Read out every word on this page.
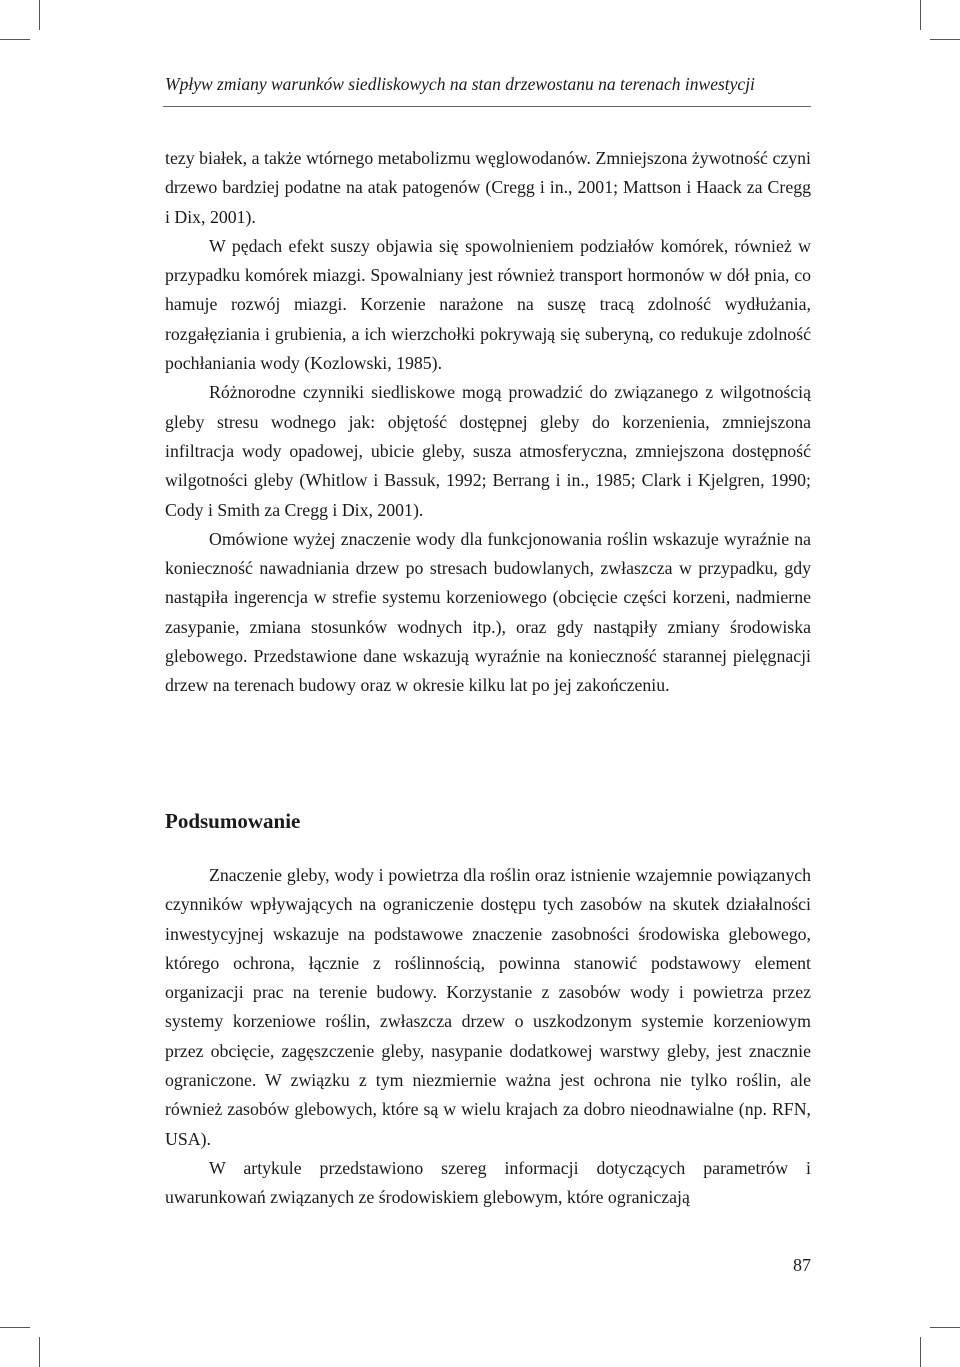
Wpływ zmiany warunków siedliskowych na stan drzewostanu na terenach inwestycji

tezy białek, a także wtórnego metabolizmu węglowodanów. Zmniejszona żywotność czyni drzewo bardziej podatne na atak patogenów (Cregg i in., 2001; Mattson i Haack za Cregg i Dix, 2001).

W pędach efekt suszy objawia się spowolnieniem podziałów komórek, również w przypadku komórek miazgi. Spowalniany jest również transport hormonów w dół pnia, co hamuje rozwój miazgi. Korzenie narażone na suszę tracą zdolność wydłużania, rozgałęziania i grubienia, a ich wierzchołki pokrywają się suberyną, co redukuje zdolność pochłaniania wody (Kozlowski, 1985).

Różnorodne czynniki siedliskowe mogą prowadzić do związanego z wilgotnością gleby stresu wodnego jak: objętość dostępnej gleby do korzenienia, zmniejszona infiltracja wody opadowej, ubicie gleby, susza atmosferyczna, zmniejszona dostępność wilgotności gleby (Whitlow i Bassuk, 1992; Berrang i in., 1985; Clark i Kjelgren, 1990; Cody i Smith za Cregg i Dix, 2001).

Omówione wyżej znaczenie wody dla funkcjonowania roślin wskazuje wyraźnie na konieczność nawadniania drzew po stresach budowlanych, zwłaszcza w przypadku, gdy nastąpiła ingerencja w strefie systemu korzeniowego (obcięcie części korzeni, nadmierne zasypanie, zmiana stosunków wodnych itp.), oraz gdy nastąpiły zmiany środowiska glebowego. Przedstawione dane wskazują wyraźnie na konieczność starannej pielęgnacji drzew na terenach budowy oraz w okresie kilku lat po jej zakończeniu.

Podsumowanie

Znaczenie gleby, wody i powietrza dla roślin oraz istnienie wzajemnie powiązanych czynników wpływających na ograniczenie dostępu tych zasobów na skutek działalności inwestycyjnej wskazuje na podstawowe znaczenie zasobności środowiska glebowego, którego ochrona, łącznie z roślinnością, powinna stanowić podstawowy element organizacji prac na terenie budowy. Korzystanie z zasobów wody i powietrza przez systemy korzeniowe roślin, zwłaszcza drzew o uszkodzonym systemie korzeniowym przez obcięcie, zagęszczenie gleby, nasypanie dodatkowej warstwy gleby, jest znacznie ograniczone. W związku z tym niezmiernie ważna jest ochrona nie tylko roślin, ale również zasobów glebowych, które są w wielu krajach za dobro nieodnawialne (np. RFN, USA).

W artykule przedstawiono szereg informacji dotyczących parametrów i uwarunkowań związanych ze środowiskiem glebowym, które ograniczają

87
